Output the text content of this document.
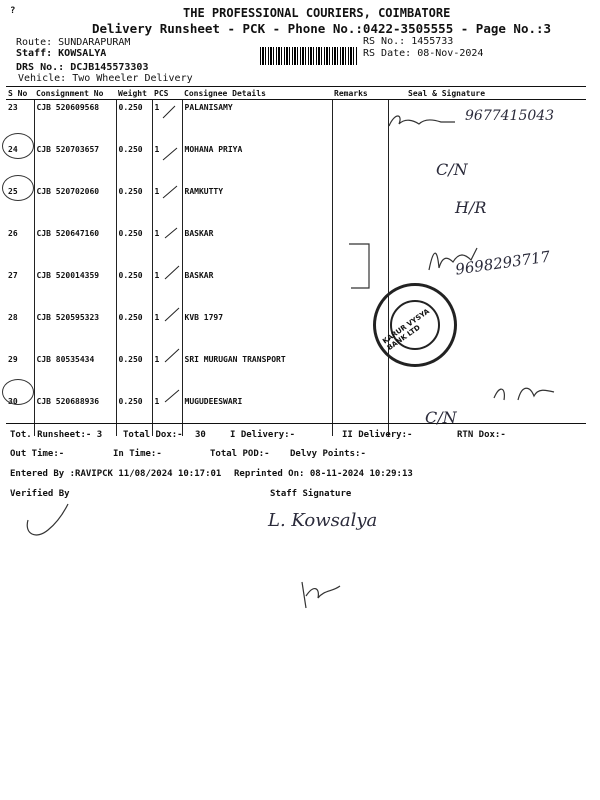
?	THE PROFESSIONAL COURIERS, COIMBATORE
Delivery Runsheet - PCK - Phone No.:0422-3505555 - Page No.:3
Route: SUNDARAPURAM
Staff: KOWSALYA
DRS No.: DCJB145573303
Vehicle: Two Wheeler Delivery
RS No.: 1455733
RS Date: 08-Nov-2024
S No	Consignment No	Weight	PCS	Consignee Details	Remarks	Seal & Signature
23	CJB 520609568	0.250	1	PALANISAMY		
24	CJB 520703657	0.250	1	MOHANA PRIYA		
25	CJB 520702060	0.250	1	RAMKUTTY		
26	CJB 520647160	0.250	1	BASKAR		
27	CJB 520014359	0.250	1	BASKAR		
28	CJB 520595323	0.250	1	KVB 1797		
29	CJB 80535434	0.250	1	SRI MURUGAN TRANSPORT		
30	CJB 520688936	0.250	1	MUGUDEESWARI		
9677415043
C/N
H/R
9698293717
KARUR VYSYA BANK LTD
C/N
Tot. Runsheet:- 3 Total Dox:- 30	I Delivery:-	II Delivery:-	RTN Dox:-
Out Time:-	In Time:-	Total POD:- Delvy Points:-
Entered By :RAVIPCK 11/08/2024 10:17:01 Reprinted On: 08-11-2024 10:29:13
Verified By	Staff Signature
L. Kowsalya
